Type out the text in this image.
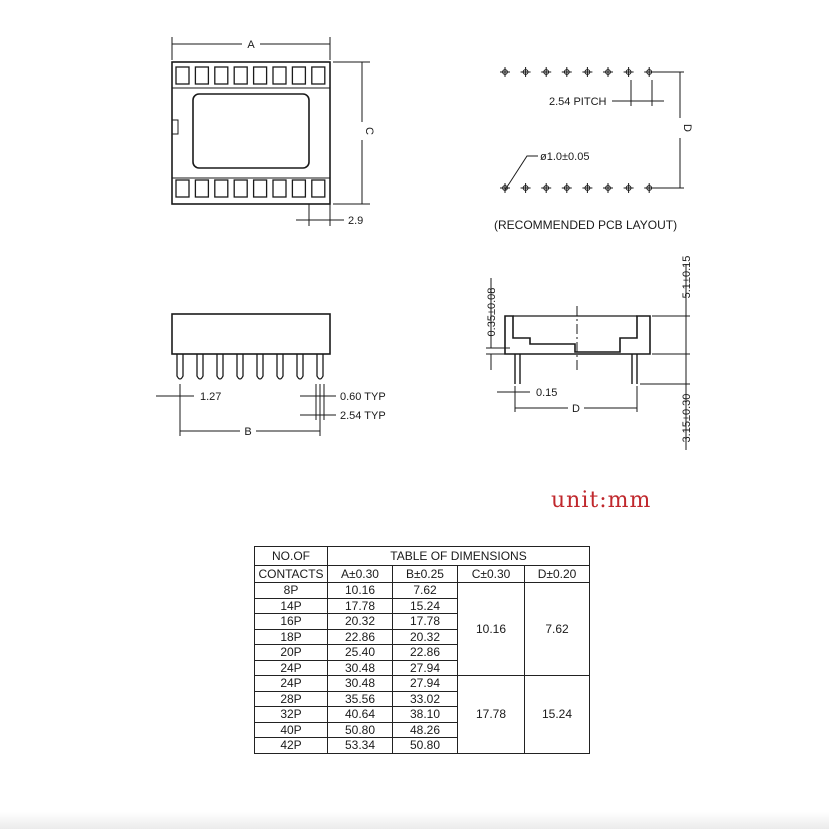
A
C
2.9
2.54 PITCH
ø1.0±0.05
D
(RECOMMENDED PCB LAYOUT)
1.27
B
0.60 TYP
2.54 TYP
0.35±0.08
5.1±0.15
0.15
D	3.15±0.30
unit:mm
NO.OF	TABLE OF DIMENSIONS			
CONTACTS	A±0.30	B±0.25	C±0.30	D±0.20
8P	10.16	7.62	10.16	7.62
14P	17.78	15.24		
16P	20.32	17.78		
18P	22.86	20.32		
20P	25.40	22.86		
24P	30.48	27.94		
24P	30.48	27.94	17.78	15.24
28P	35.56	33.02		
32P	40.64	38.10		
40P	50.80	48.26		
42P	53.34	50.80		
